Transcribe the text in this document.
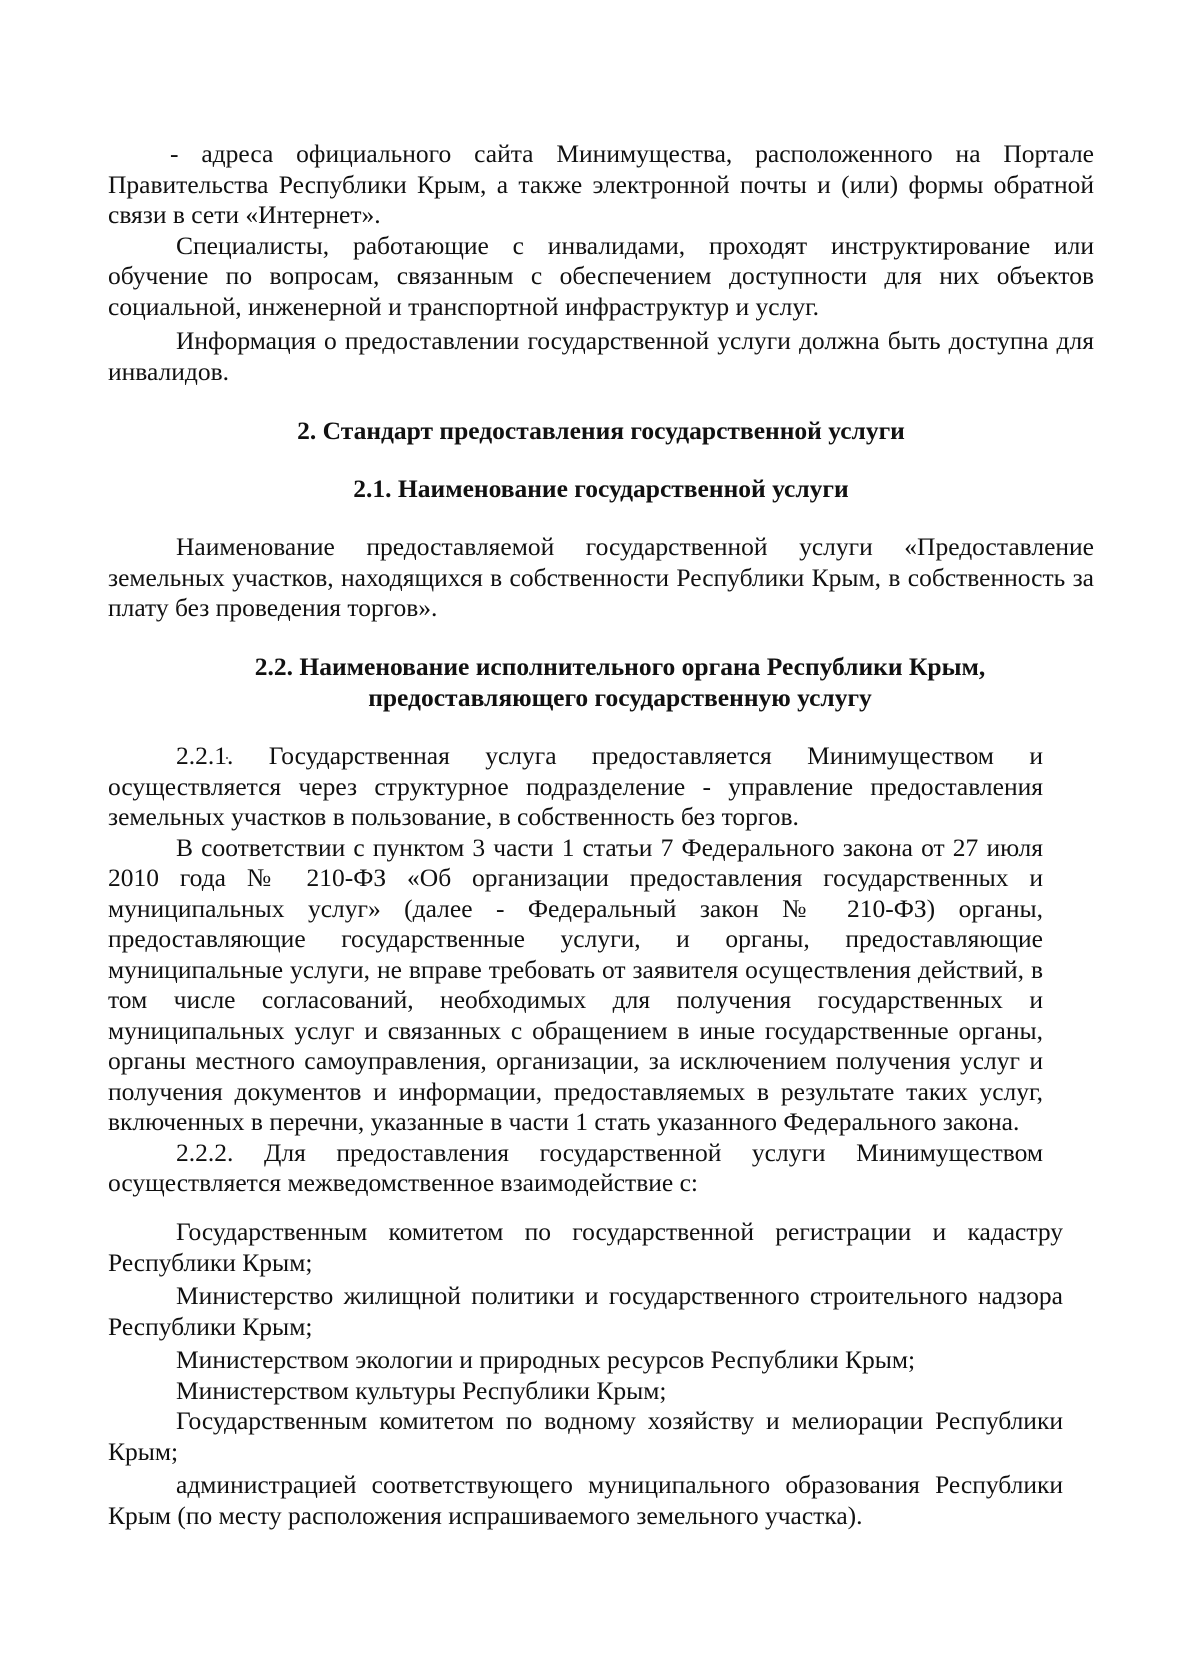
- адреса официального сайта Минимущества, расположенного на Портале Правительства Республики Крым, а также электронной почты и (или) формы обратной связи в сети «Интернет».

Специалисты, работающие с инвалидами, проходят инструктирование или обучение по вопросам, связанным с обеспечением доступности для них объектов социальной, инженерной и транспортной инфраструктур и услуг.

Информация о предоставлении государственной услуги должна быть доступна для инвалидов.

2. Стандарт предоставления государственной услуги

2.1. Наименование государственной услуги

Наименование предоставляемой государственной услуги «Предоставление земельных участков, находящихся в собственности Республики Крым, в собственность за плату без проведения торгов».

2.2. Наименование исполнительного органа Республики Крым,

предоставляющего государственную услугу

2.2.1. Государственная услуга предоставляется Минимуществом и осуществляется через структурное подразделение - управление предоставления земельных участков в пользование, в собственность без торгов.

В соответствии с пунктом 3 части 1 статьи 7 Федерального закона от 27 июля 2010 года № 210-ФЗ «Об организации предоставления государственных и муниципальных услуг» (далее - Федеральный закон № 210-ФЗ) органы, предоставляющие государственные услуги, и органы, предоставляющие муниципальные услуги, не вправе требовать от заявителя осуществления действий, в том числе согласований, необходимых для получения государственных и муниципальных услуг и связанных с обращением в иные государственные органы, органы местного самоуправления, организации, за исключением получения услуг и получения документов и информации, предоставляемых в результате таких услуг, включенных в перечни, указанные в части 1 стать указанного Федерального закона.

2.2.2. Для предоставления государственной услуги Минимуществом осуществляется межведомственное взаимодействие с:

Государственным комитетом по государственной регистрации и кадастру Республики Крым;

Министерство жилищной политики и государственного строительного надзора Республики Крым;

Министерством экологии и природных ресурсов Республики Крым;

Министерством культуры Республики Крым;

Государственным комитетом по водному хозяйству и мелиорации Республики Крым;

администрацией соответствующего муниципального образования Республики Крым (по месту расположения испрашиваемого земельного участка).
